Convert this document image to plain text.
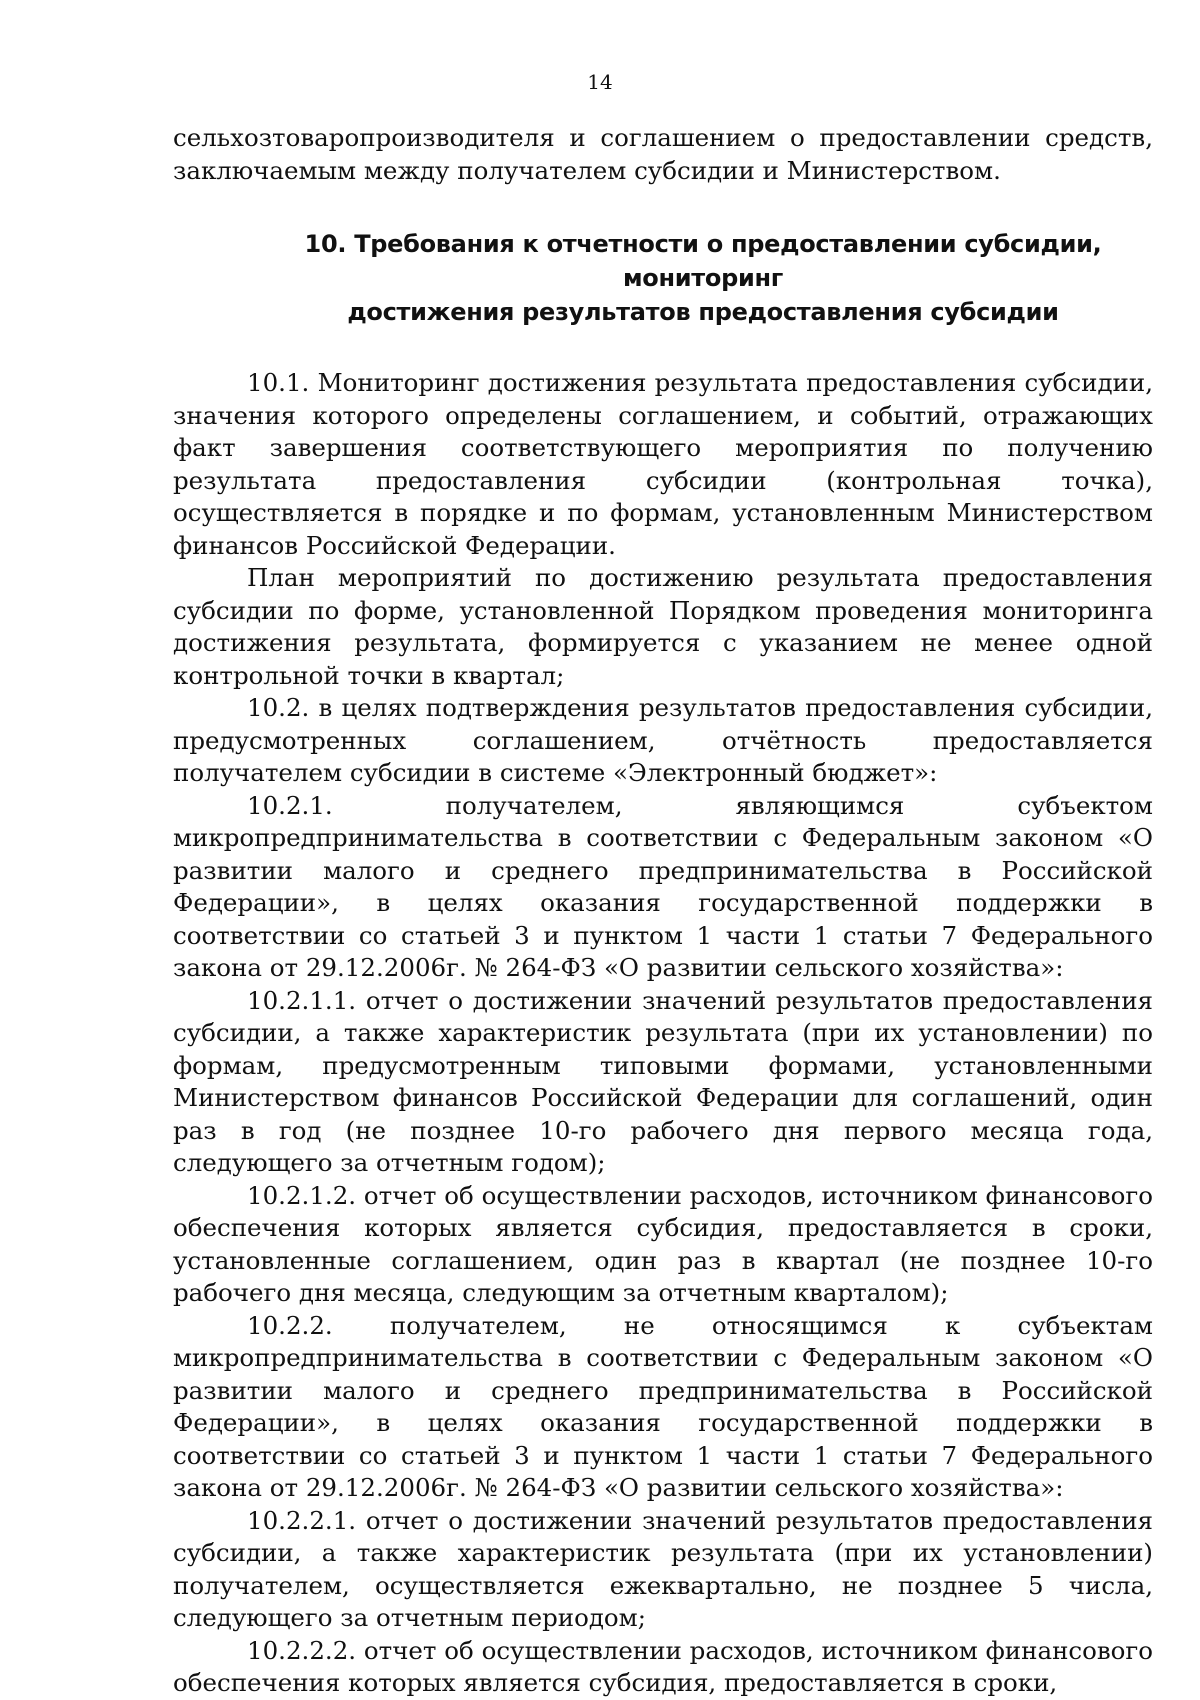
14

сельхозтоваропроизводителя и соглашением о предоставлении средств, заключаемым между получателем субсидии и Министерством.

10. Требования к отчетности о предоставлении субсидии, мониторинг
достижения результатов предоставления субсидии

10.1. Мониторинг достижения результата предоставления субсидии, значения которого определены соглашением, и событий, отражающих факт завершения соответствующего мероприятия по получению результата предоставления субсидии (контрольная точка), осуществляется в порядке и по формам, установленным Министерством финансов Российской Федерации.

План мероприятий по достижению результата предоставления субсидии по форме, установленной Порядком проведения мониторинга достижения результата, формируется с указанием не менее одной контрольной точки в квартал;

10.2. в целях подтверждения результатов предоставления субсидии, предусмотренных соглашением, отчётность предоставляется получателем субсидии в системе «Электронный бюджет»:

10.2.1. получателем, являющимся субъектом микропредпринимательства в соответствии с Федеральным законом «О развитии малого и среднего предпринимательства в Российской Федерации», в целях оказания государственной поддержки в соответствии со статьей 3 и пунктом 1 части 1 статьи 7 Федерального закона от 29.12.2006г. № 264-ФЗ «О развитии сельского хозяйства»:

10.2.1.1. отчет о достижении значений результатов предоставления субсидии, а также характеристик результата (при их установлении) по формам, предусмотренным типовыми формами, установленными Министерством финансов Российской Федерации для соглашений, один раз в год (не позднее 10-го рабочего дня первого месяца года, следующего за отчетным годом);

10.2.1.2. отчет об осуществлении расходов, источником финансового обеспечения которых является субсидия, предоставляется в сроки, установленные соглашением, один раз в квартал (не позднее 10-го рабочего дня месяца, следующим за отчетным кварталом);

10.2.2. получателем, не относящимся к субъектам микропредпринимательства в соответствии с Федеральным законом «О развитии малого и среднего предпринимательства в Российской Федерации», в целях оказания государственной поддержки в соответствии со статьей 3 и пунктом 1 части 1 статьи 7 Федерального закона от 29.12.2006г. № 264-ФЗ «О развитии сельского хозяйства»:

10.2.2.1. отчет о достижении значений результатов предоставления субсидии, а также характеристик результата (при их установлении) получателем, осуществляется ежеквартально, не позднее 5 числа, следующего за отчетным периодом;

10.2.2.2. отчет об осуществлении расходов, источником финансового обеспечения которых является субсидия, предоставляется в сроки,
